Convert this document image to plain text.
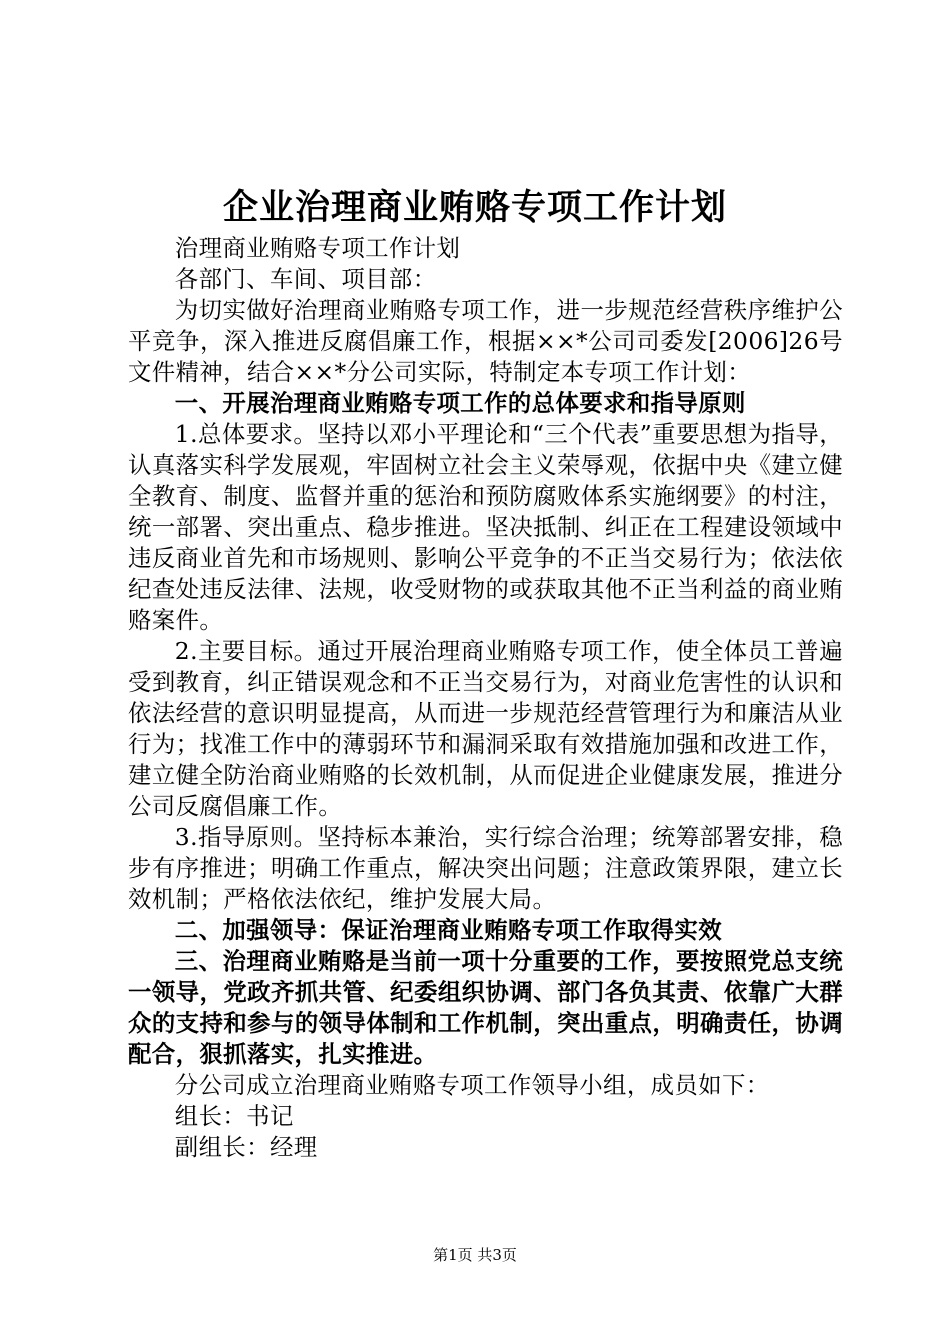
企业治理商业贿赂专项工作计划

治理商业贿赂专项工作计划

各部门、车间、项目部：

为切实做好治理商业贿赂专项工作，进一步规范经营秩序维护公平竞争，深入推进反腐倡廉工作，根据××*公司司委发[2006]26号文件精神，结合××*分公司实际，特制定本专项工作计划：

一、开展治理商业贿赂专项工作的总体要求和指导原则

1.总体要求。坚持以邓小平理论和“三个代表”重要思想为指导，认真落实科学发展观，牢固树立社会主义荣辱观，依据中央《建立健全教育、制度、监督并重的惩治和预防腐败体系实施纲要》的村注，统一部署、突出重点、稳步推进。坚决抵制、纠正在工程建设领域中违反商业首先和市场规则、影响公平竞争的不正当交易行为；依法依纪查处违反法律、法规，收受财物的或获取其他不正当利益的商业贿赂案件。

2.主要目标。通过开展治理商业贿赂专项工作，使全体员工普遍受到教育，纠正错误观念和不正当交易行为，对商业危害性的认识和依法经营的意识明显提高，从而进一步规范经营管理行为和廉洁从业行为；找准工作中的薄弱环节和漏洞采取有效措施加强和改进工作，建立健全防治商业贿赂的长效机制，从而促进企业健康发展，推进分公司反腐倡廉工作。

3.指导原则。坚持标本兼治，实行综合治理；统筹部署安排，稳步有序推进；明确工作重点，解决突出问题；注意政策界限，建立长效机制；严格依法依纪，维护发展大局。

二、加强领导：保证治理商业贿赂专项工作取得实效

三、治理商业贿赂是当前一项十分重要的工作，要按照党总支统一领导，党政齐抓共管、纪委组织协调、部门各负其责、依靠广大群众的支持和参与的领导体制和工作机制，突出重点，明确责任，协调配合，狠抓落实，扎实推进。

分公司成立治理商业贿赂专项工作领导小组，成员如下：

组长：书记

副组长：经理

第1页 共3页
